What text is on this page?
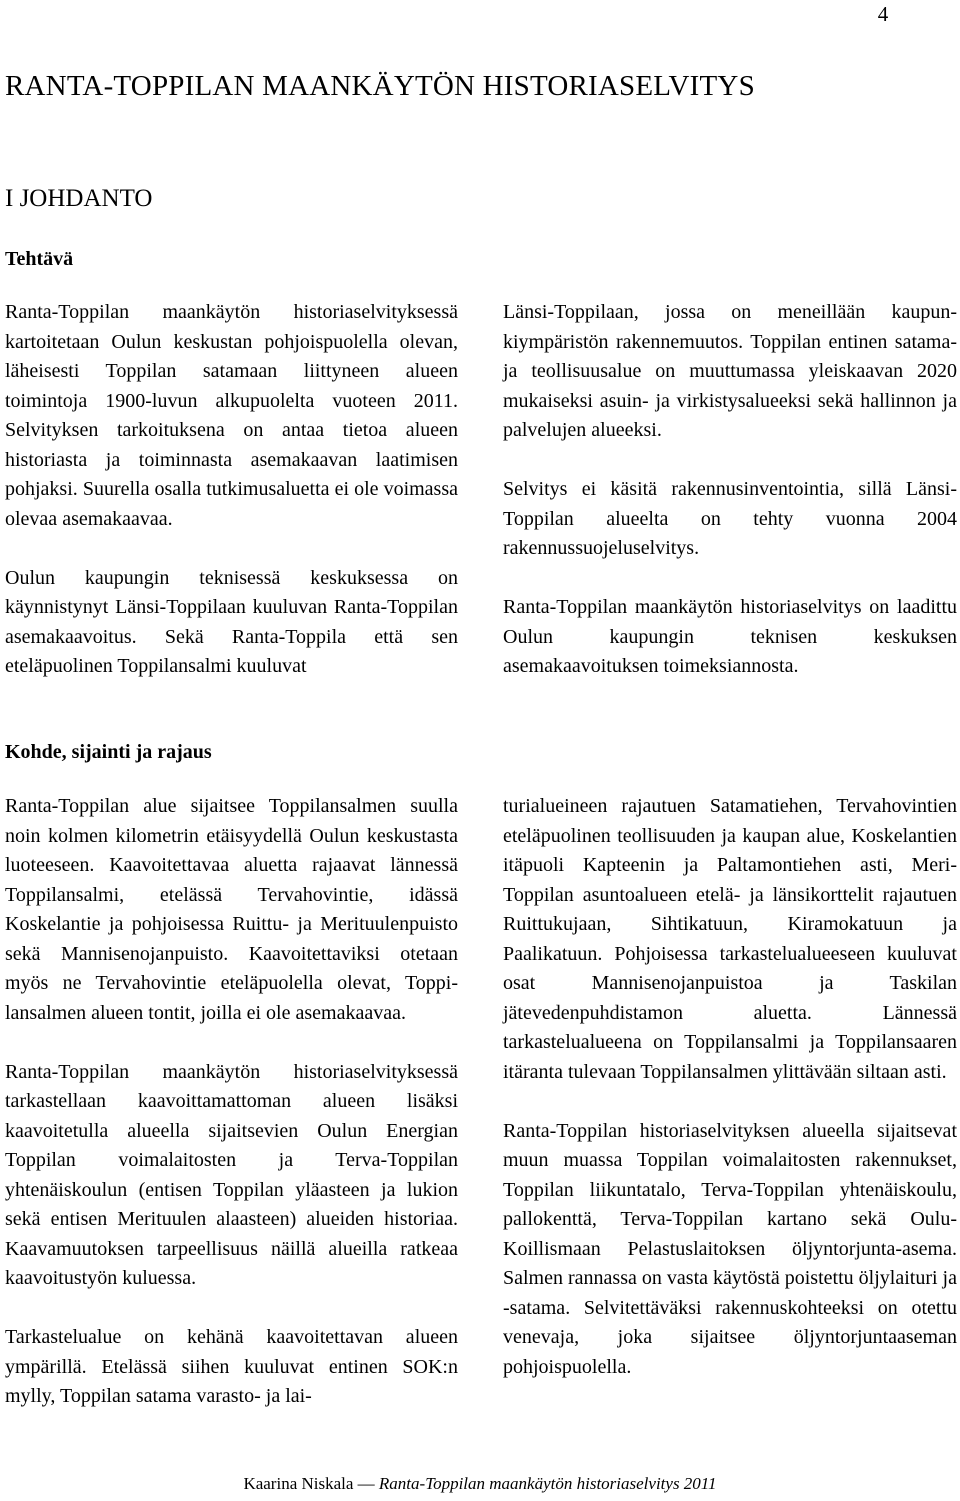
4
RANTA-TOPPILAN MAANKÄYTÖN HISTORIASELVITYS
I JOHDANTO
Tehtävä

Ranta-Toppilan maankäytön historiaselvityksessä kartoitetaan Oulun keskustan pohjoispuolella olevan, läheisesti Toppilan satamaan liittyneen alueen toimintoja 1900-luvun alkupuolelta vuoteen 2011. Selvityksen tarkoituksena on antaa tietoa alueen historiasta ja toiminnasta asemakaavan laatimisen pohjaksi. Suurella osalla tutkimusaluetta ei ole voimassa olevaa asemakaavaa.

Oulun kaupungin teknisessä keskuksessa on käynnistynyt Länsi-Toppilaan kuuluvan Ranta-Toppilan asemakaavoitus. Sekä Ranta-Toppila että sen eteläpuolinen Toppilansalmi kuuluvat

Länsi-Toppilaan, jossa on meneillään kaupunkiympäristön rakennemuutos. Toppilan entinen satama- ja teollisuusalue on muuttumassa yleiskaavan 2020 mukaiseksi asuin- ja virkistysalueeksi sekä hallinnon ja palvelujen alueeksi.

Selvitys ei käsitä rakennusinventointia, sillä Länsi-Toppilan alueelta on tehty vuonna 2004 rakennussuojeluselvitys.

Ranta-Toppilan maankäytön historiaselvitys on laadittu Oulun kaupungin teknisen keskuksen asemakaavoituksen toimeksiannosta.

Kohde, sijainti ja rajaus

Ranta-Toppilan alue sijaitsee Toppilansalmen suulla noin kolmen kilometrin etäisyydellä Oulun keskustasta luoteeseen. Kaavoitettavaa aluetta rajaavat lännessä Toppilansalmi, etelässä Tervahovintie, idässä Koskelantie ja pohjoisessa Ruittu- ja Merituulenpuisto sekä Mannisenojanpuisto. Kaavoitettaviksi otetaan myös ne Tervahovintie eteläpuolella olevat, Toppilansalmen alueen tontit, joilla ei ole asemakaavaa.

Ranta-Toppilan maankäytön historiaselvityksessä tarkastellaan kaavoittamattoman alueen lisäksi kaavoitetulla alueella sijaitsevien Oulun Energian Toppilan voimalaitosten ja Terva-Toppilan yhtenäiskoulun (entisen Toppilan yläasteen ja lukion sekä entisen Merituulen alaasteen) alueiden historiaa. Kaavamuutoksen tarpeellisuus näillä alueilla ratkeaa kaavoitustyön kuluessa.

Tarkastelualue on kehänä kaavoitettavan alueen ympärillä. Etelässä siihen kuuluvat entinen SOK:n mylly, Toppilan satama varasto- ja lai-

turialueineen rajautuen Satamatiehen, Tervahovintien eteläpuolinen teollisuuden ja kaupan alue, Koskelantien itäpuoli Kapteenin ja Paltamontiehen asti, Meri-Toppilan asuntoalueen etelä- ja länsikorttelit rajautuen Ruittukujaan, Sihtikatuun, Kiramokatuun ja Paalikatuun. Pohjoisessa tarkastelualueeseen kuuluvat osat Mannisenojanpuistoa ja Taskilan jätevedenpuhdistamon aluetta. Lännessä tarkastelualueena on Toppilansalmi ja Toppilansaaren itäranta tulevaan Toppilansalmen ylittävään siltaan asti.

Ranta-Toppilan historiaselvityksen alueella sijaitsevat muun muassa Toppilan voimalaitosten rakennukset, Toppilan liikuntatalo, Terva-Toppilan yhtenäiskoulu, pallokenttä, Terva-Toppilan kartano sekä Oulu-Koillismaan Pelastuslaitoksen öljyntorjunta-asema. Salmen rannassa on vasta käytöstä poistettu öljylaituri ja -satama. Selvitettäväksi rakennuskohteeksi on otettu venevaja, joka sijaitsee öljyntorjuntaaseman pohjoispuolella.

Kaarina Niskala — Ranta-Toppilan maankäytön historiaselvitys 2011
